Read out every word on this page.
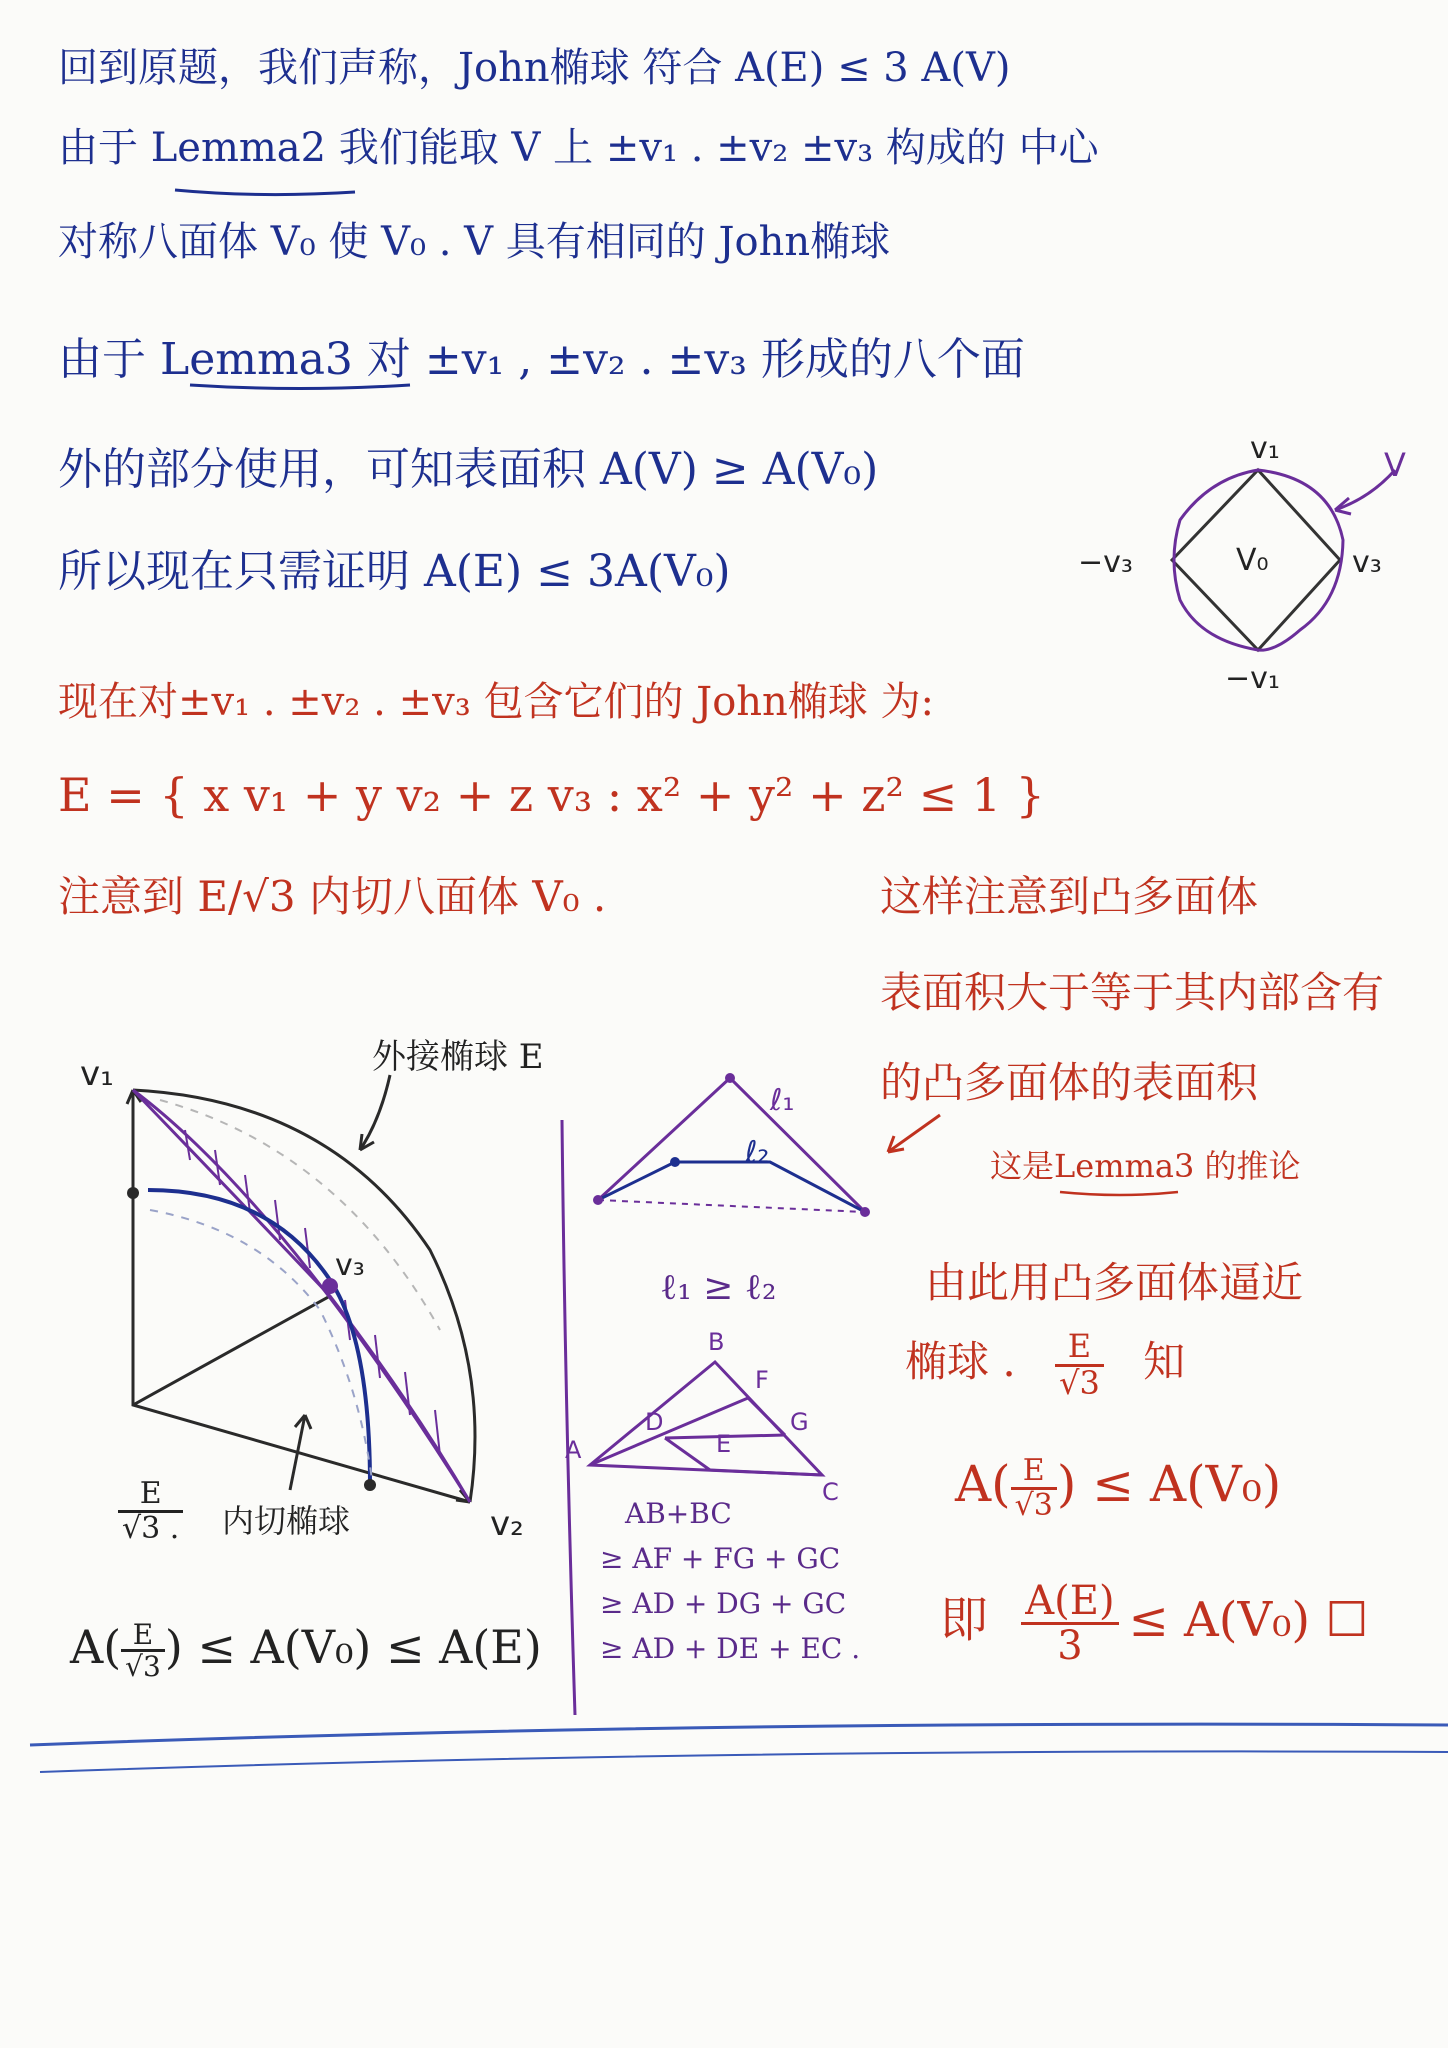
回到原题，我们声称，John椭球 符合 A(E) ≤ 3 A(V)
由于 Lemma2 我们能取 V 上 ±v₁ . ±v₂ ±v₃ 构成的 中心
对称八面体 V₀ 使 V₀ . V 具有相同的 John椭球
由于 Lemma3 对 ±v₁ , ±v₂ . ±v₃ 形成的八个面
外的部分使用，可知表面积 A(V) ≥ A(V₀)
所以现在只需证明 A(E) ≤ 3A(V₀)
现在对±v₁ . ±v₂ . ±v₃ 包含它们的 John椭球 为:
E = { x v₁ + y v₂ + z v₃ : x² + y² + z² ≤ 1 }
注意到 E/√3 内切八面体 V₀ .	这样注意到凸多面体
表面积大于等于其内部含有
的凸多面体的表面积
这是Lemma3 的推论
由此用凸多面体逼近
椭球 . $\frac{E}{√3}$ 知
$A( \frac{E}{√3}$ ) ≤ A(V₀)
即 $\frac{A(E)}{3} \le A(V_0)$ ☐
外接椭球 E
内切椭球
$\frac{E}{√3 .}$
$A( \frac{E}{√3}$ ) ≤ A(V₀) ≤ A(E)
AB+BC
≥ AF + FG + GC
≥ AD + DG + GC
≥ AD + DE + EC .
ℓ₁ ≥ ℓ₂
v₁
v₃
−v₃
−v₁
V₀
V
v₁
v₃
v₂
ℓ₁
ℓ₂
B
F
G
D
E
A
C
